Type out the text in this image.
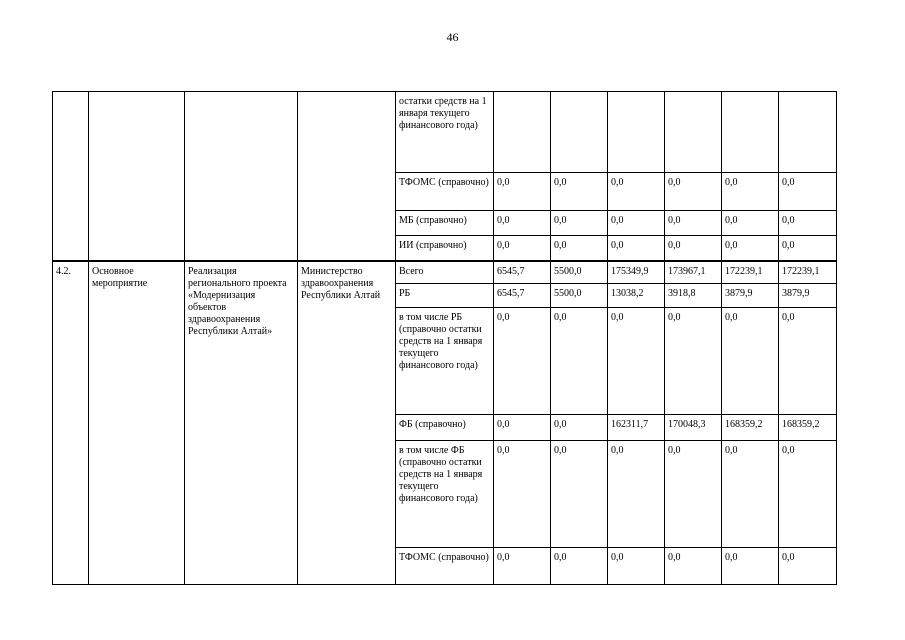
46
				остатки средств на 1 января текущего финансового года)						
				ТФОМС (справочно)	0,0	0,0	0,0	0,0	0,0	0,0
				МБ (справочно)	0,0	0,0	0,0	0,0	0,0	0,0
				ИИ (справочно)	0,0	0,0	0,0	0,0	0,0	0,0
4.2.	Основное мероприятие	Реализация регионального проекта «Модернизация объектов здравоохранения Республики Алтай»	Министерство здравоохранения Республики Алтай	Всего	6545,7	5500,0	175349,9	173967,1	172239,1	172239,1
				РБ	6545,7	5500,0	13038,2	3918,8	3879,9	3879,9
				в том числе РБ (справочно остатки средств на 1 января текущего финансового года)	0,0	0,0	0,0	0,0	0,0	0,0
				ФБ (справочно)	0,0	0,0	162311,7	170048,3	168359,2	168359,2
				в том числе ФБ (справочно остатки средств на 1 января текущего финансового года)	0,0	0,0	0,0	0,0	0,0	0,0
				ТФОМС (справочно)	0,0	0,0	0,0	0,0	0,0	0,0
